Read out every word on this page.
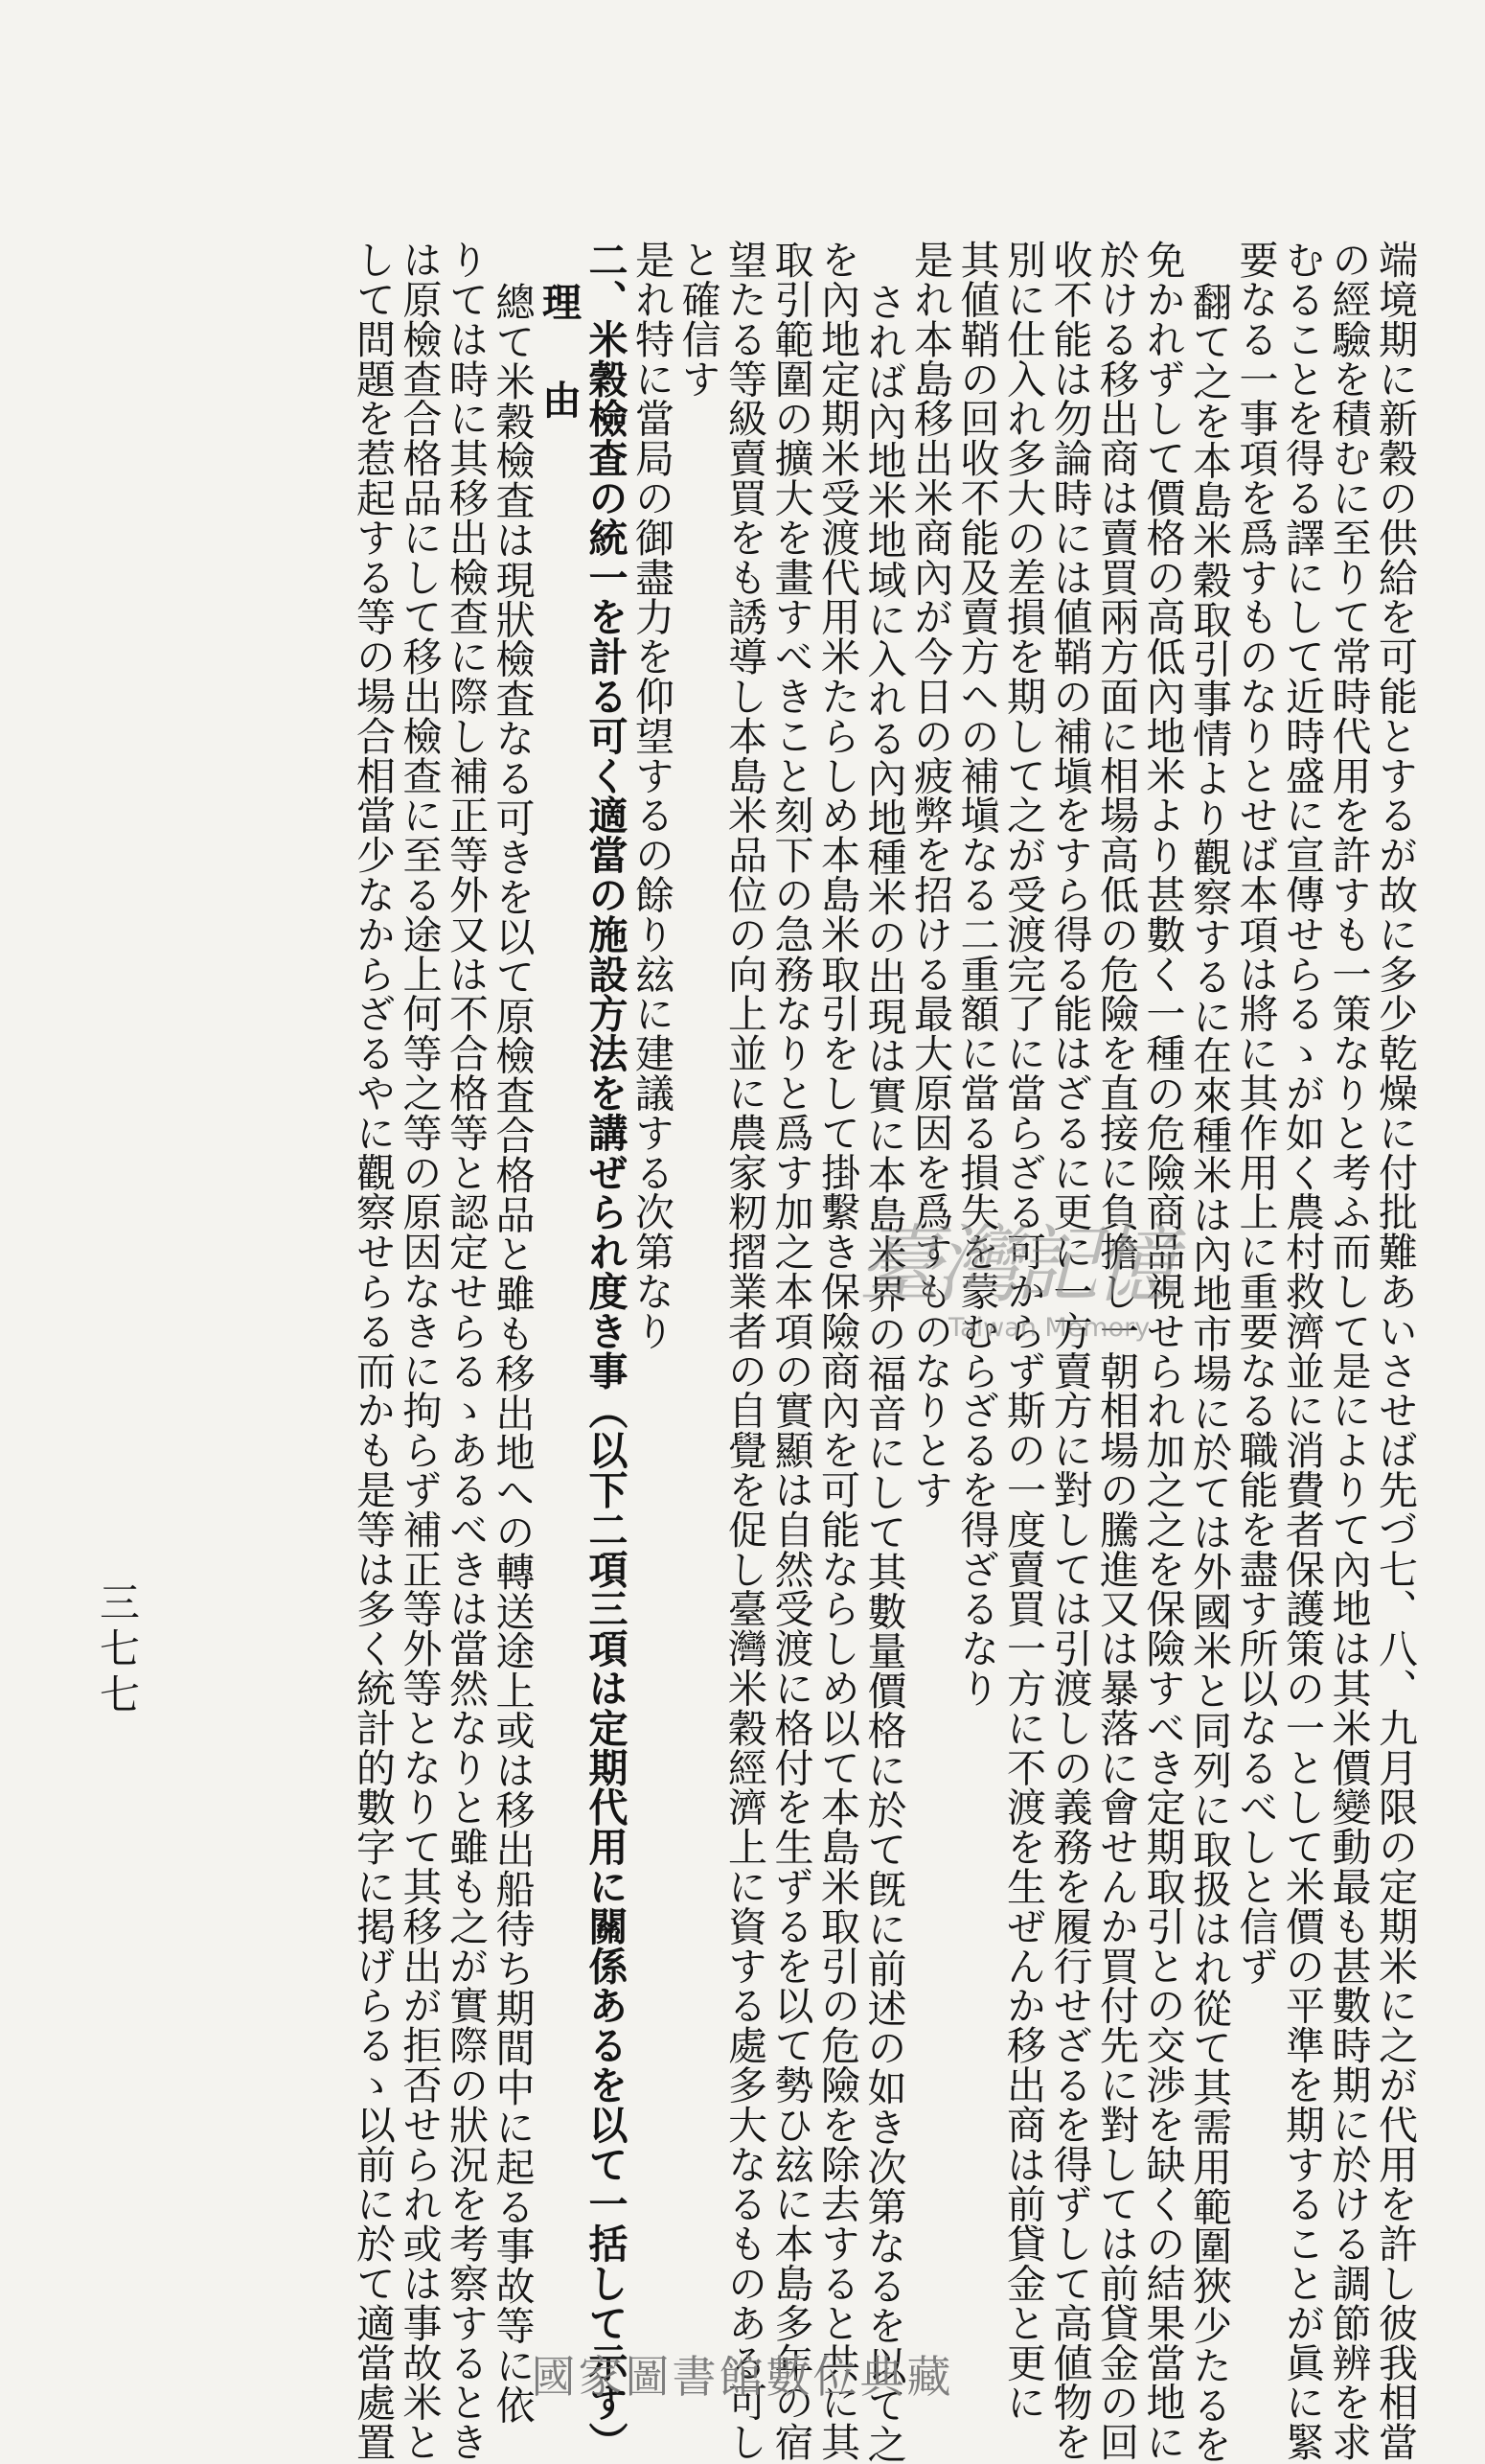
端境期に新穀の供給を可能とするが故に多少乾燥に付批難あいさせば先づ七、八、九月限の定期米に之が代用を許し彼我相當
の經驗を積むに至りて常時代用を許すも一策なりと考ふ而して是によりて內地は其米價變動最も甚數時期に於ける調節辨を求
むることを得る譯にして近時盛に宣傳せらるゝが如く農村救濟並に消費者保護策の一として米價の平準を期することが眞に緊
要なる一事項を爲すものなりとせば本項は將に其作用上に重要なる職能を盡す所以なるべしと信ず
翻て之を本島米穀取引事情より觀察するに在來種米は內地市場に於ては外國米と同列に取扱はれ從て其需用範圍狹少たるを
免かれずして價格の高低內地米より甚數く一種の危險商品視せられ加之之を保險すべき定期取引との交渉を缺くの結果當地に
於ける移出商は賣買兩方面に相場高低の危險を直接に負擔し一朝相場の騰進又は暴落に會せんか買付先に對しては前貸金の回
收不能は勿論時には値鞘の補塡をすら得る能はざるに更に一方賣方に對しては引渡しの義務を履行せざるを得ずして高値物を
別に仕入れ多大の差損を期して之が受渡完了に當らざる可からず斯の一度賣買一方に不渡を生ぜんか移出商は前貸金と更に
其値鞘の回收不能及賣方への補塡なる二重額に當る損失を蒙むらざるを得ざるなり
是れ本島移出米商內が今日の疲弊を招ける最大原因を爲すものなりとす
されば內地米地域に入れる內地種米の出現は實に本島米界の福音にして其數量價格に於て旣に前述の如き次第なるを以て之
を內地定期米受渡代用米たらしめ本島米取引をして掛繫き保險商內を可能ならしめ以て本島米取引の危險を除去すると共に其
取引範圍の擴大を畫すべきこと刻下の急務なりと爲す加之本項の實顯は自然受渡に格付を生ずるを以て勢ひ玆に本島多年の宿
望たる等級賣買をも誘導し本島米品位の向上並に農家籾摺業者の自覺を促し臺灣米穀經濟上に資する處多大なるものある可し
と確信す
是れ特に當局の御盡力を仰望するの餘り玆に建議する次第なり
二、米穀檢査の統一を計る可く適當の施設方法を講ぜられ度き事（以下二項三項は定期代用に關係あるを以て一括して示す）
理　由
總て米穀檢査は現狀檢査なる可きを以て原檢査合格品と雖も移出地への轉送途上或は移出船待ち期間中に起る事故等に依
りては時に其移出檢查に際し補正等外又は不合格等と認定せらるゝあるべきは當然なりと雖も之が實際の狀況を考察するとき
は原檢查合格品にして移出檢查に至る途上何等之等の原因なきに拘らず補正等外等となりて其移出が拒否せられ或は事故米と
して問題を惹起する等の場合相當少なからざるやに觀察せらる而かも是等は多く統計的數字に掲げらるゝ以前に於て適當處置
三七七
臺灣記憶
Taiwan Memory
國家圖書館數位典藏
